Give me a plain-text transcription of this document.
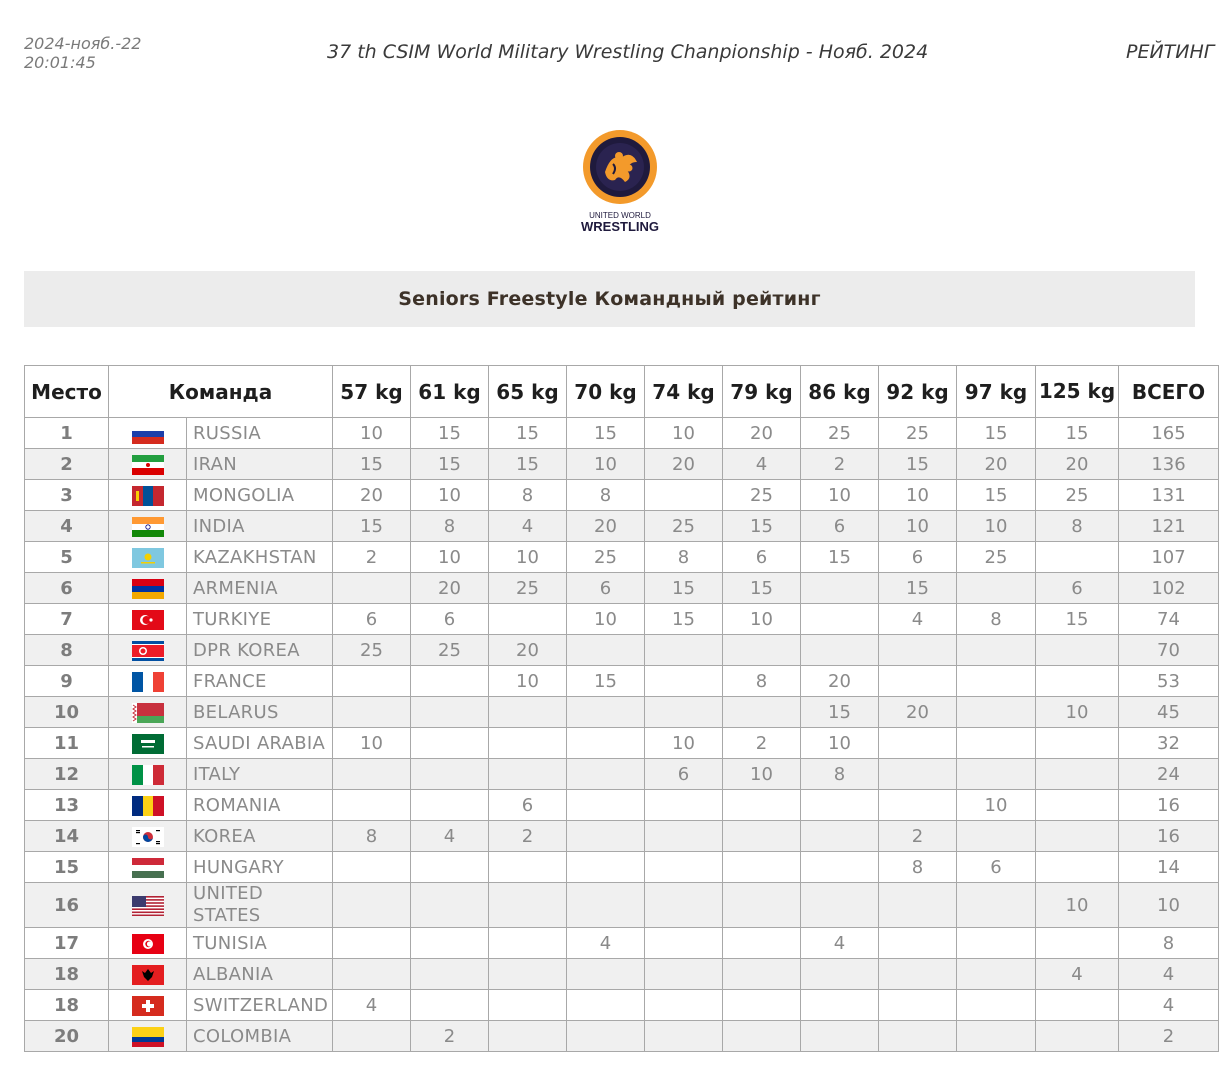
2024-нояб.-22
20:01:45	37 th CSIM World Military Wrestling Chanpionship - Нояб. 2024	РЕЙТИНГ
UNITED WORLD
WRESTLING
Seniors Freestyle Командный рейтинг
Место	Команда		57 kg	61 kg	65 kg	70 kg	74 kg	79 kg	86 kg	92 kg	97 kg	125 kg	ВСЕГО
1		RUSSIA	10	15	15	15	10	20	25	25	15	15	165
2		IRAN	15	15	15	10	20	4	2	15	20	20	136
3		MONGOLIA	20	10	8	8		25	10	10	15	25	131
4		INDIA	15	8	4	20	25	15	6	10	10	8	121
5		KAZAKHSTAN	2	10	10	25	8	6	15	6	25		107
6		ARMENIA		20	25	6	15	15		15		6	102
7		TURKIYE	6	6		10	15	10		4	8	15	74
8		DPR KOREA	25	25	20								70
9		FRANCE			10	15		8	20				53
10		BELARUS							15	20		10	45
11		SAUDI ARABIA	10				10	2	10				32
12		ITALY					6	10	8				24
13		ROMANIA			6						10		16
14		KOREA	8	4	2					2			16
15		HUNGARY								8	6		14
16		UNITED STATES										10	10
17		TUNISIA				4			4				8
18		ALBANIA										4	4
18		SWITZERLAND	4										4
20		COLOMBIA		2									2
